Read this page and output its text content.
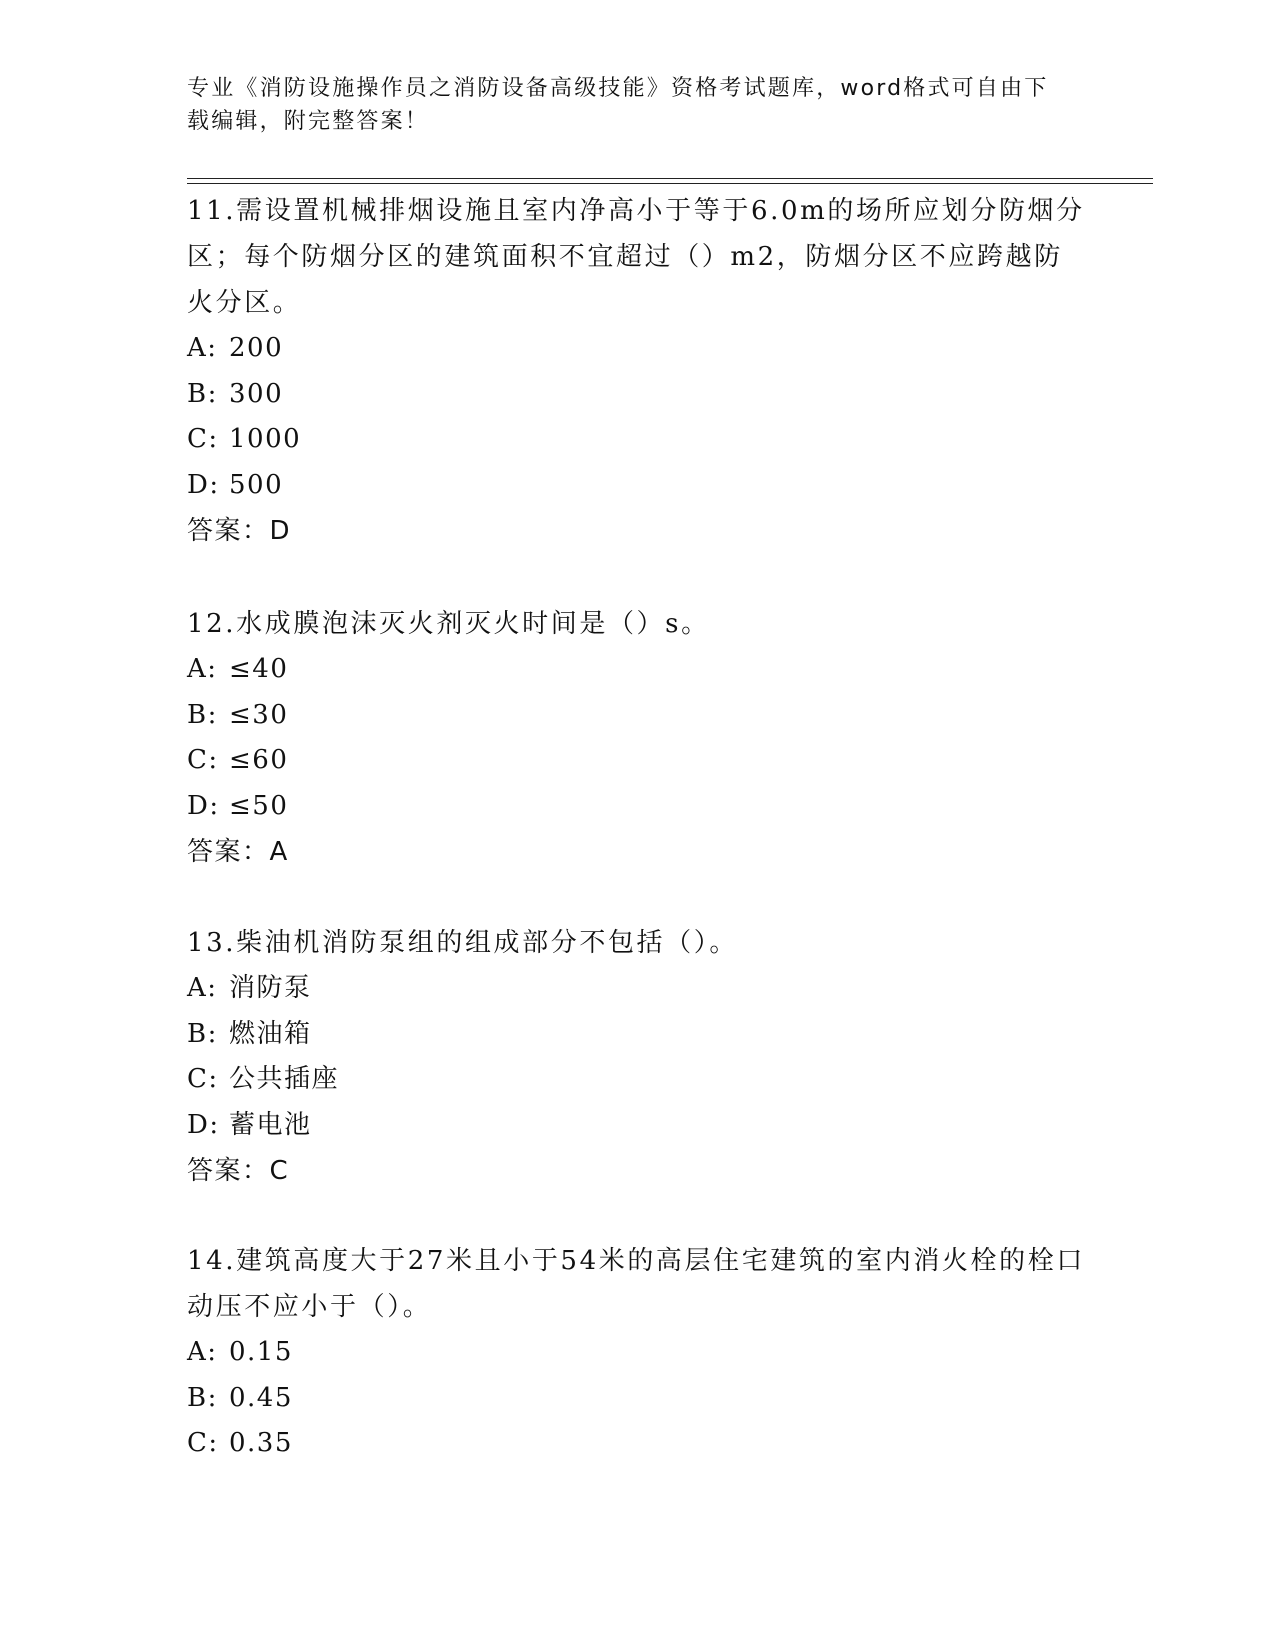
专业《消防设施操作员之消防设备高级技能》资格考试题库，word格式可自由下载编辑，附完整答案！
11.需设置机械排烟设施且室内净高小于等于6.0m的场所应划分防烟分区；每个防烟分区的建筑面积不宜超过（）m2，防烟分区不应跨越防火分区。
A: 200
B: 300
C: 1000
D: 500
答案：D
12.水成膜泡沫灭火剂灭火时间是（）s。
A: ≤40
B: ≤30
C: ≤60
D: ≤50
答案：A
13.柴油机消防泵组的组成部分不包括（）。
A: 消防泵
B: 燃油箱
C: 公共插座
D: 蓄电池
答案：C
14.建筑高度大于27米且小于54米的高层住宅建筑的室内消火栓的栓口动压不应小于（）。
A: 0.15
B: 0.45
C: 0.35
